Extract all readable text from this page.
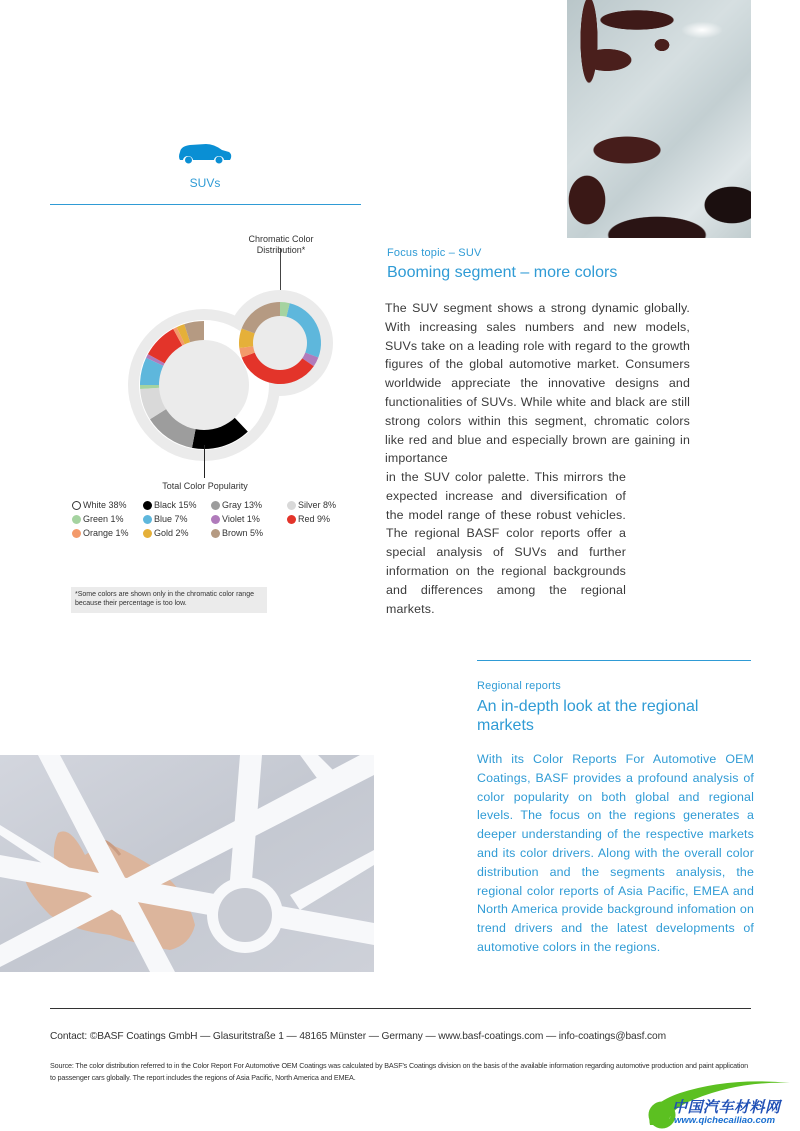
SUVs
Chromatic Color
Distribution*
Total Color Popularity
White 38%	Black 15%	Gray 13%	Silver 8%
Green 1%	Blue 7%	Violet 1%	Red 9%
Orange 1%	Gold 2%	Brown 5%
*Some colors are shown only in the chromatic color range because their percentage is too low.
Focus topic – SUV
Booming segment – more colors
The SUV segment shows a strong dynamic globally. With increasing sales numbers and new models, SUVs take on a leading role with regard to the growth figures of the global automotive market. Consumers worldwide appreciate the innovative designs and functionalities of SUVs. While white and black are still strong colors within this segment, chromatic colors like red and blue and especially brown are gaining in importance
in the SUV color palette. This mirrors the expected increase and diversification of the model range of these robust vehicles. The regional BASF color reports offer a special analysis of SUVs and further information on the regional backgrounds and differences among the regional markets.
Regional reports
An in-depth look at the regional markets
With its Color Reports For Automotive OEM Coatings, BASF provides a profound analysis of color popularity on both global and regional levels. The focus on the regions generates a deeper understanding of the respective markets and its color drivers. Along with the overall color distribution and the segments analysis, the regional color reports of Asia Pacific, EMEA and North America provide background infomation on trend drivers and the latest developments of automotive colors in the regions.
Contact: ©BASF Coatings GmbH — Glasuritstraße 1 — 48165 Münster — Germany — www.basf-coatings.com — info-coatings@basf.com
Source: The color distribution referred to in the Color Report For Automotive OEM Coatings was calculated by BASF's Coatings division on the basis of the available information regarding automotive production and paint application to passenger cars globally. The report includes the regions of Asia Pacific, North America and EMEA.
中国汽车材料网
www.qichecailiao.com
